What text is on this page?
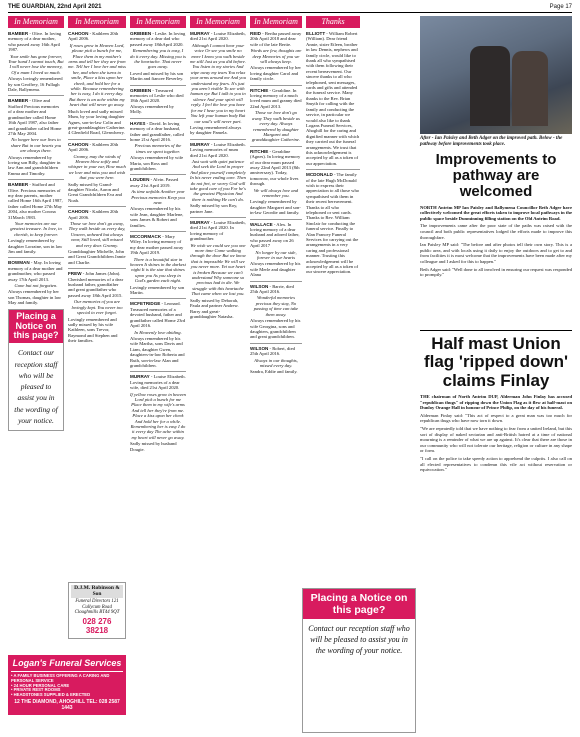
THE GUARDIAN, 22nd April 2021	Page 17
In Memoriam
BAMBER - Olive. In loving memory of a dear mother, who passed away 16th April 1987.
Your smile has gone forever, Your hand I cannot touch, But I will never lose the memory, Of a mum I loved so much.
Always lovingly remembered by son Geoffrey, 16 Fullagh Dale, Ballymena.
BAMBER - Olive and Stafford Precious memories of a dear mother and grandmother called Home 16th April 1987, also father and grandfather called Home 27th May 2004.
No longer here our lives to share But in our hearts you are always there.
Always remembered by loving son Billy, daughter in law Ann and grandchildren Emma and Timothy.
BAMBER - Stafford and Olive. Precious memories of my dear parents, mother called Home 16th April 1987, father called Home 27th May 2004, also mother Corona 31March 1983.
Your memories are our greatest treasure. In love, to cherish, to keep forever.
Lovingly remembered by daughter Lorraine, son in law Jim and family.
BOWMAN - May. In loving memory of a dear mother and grandmother, who passed away 17th April 2013.
Gone but not forgotten.
Always remembered by her son Thomas, daughter in law May and family.
Placing a Notice on this page?
Contact our reception staff who will be pleased to assist you in the wording of your notice.
Logan's Funeral Services
• A FAMILY BUSINESS OFFERING A CARING AND PERSONAL SERVICE
• 24 HOUR PERSONAL CARE
• PRIVATE REST ROOMS
• HEADSTONES SUPPLIED & ERECTED
12 THE DIAMOND, AHOGHILL TEL: 028 2587 1443
In Memoriam
CAHOON - Kathleen 20th April 2006.
If roses grow in Heaven Lord, please pick a bunch for me, Place them in my mother's arms and tell her they are from me. Tell her I love her and miss her, and when she turns to smile, Place a kiss upon her cheek, and hold her for a while. Because remembering her is easy, I do it every day. But there is an ache within my heart that will never go away.
Much loved and sadly missed Mum, by your loving daughter Agnes, son-in-law Colin and great-granddaughter Catherine. 4 Glenfield Road, Glenwherry.
CAHOON - Kathleen 20th April 2006.
Granny, may the winds of Heaven blow softly and whisper in your ear, How much we love and miss you and wish that you were here.
Sadly missed by Grand-daughter Nicola, Aaron and Great Grandchildren Eva and Noah.
CAHOON - Kathleen 20th April 2006.
Those we love don't go away, They walk beside us every day, Unseen, unheard but always near, Still loved, still missed and very dear. Granny.
Granddaughter Michelle, John and Great Grandchildren Jamie and Charlie.
FREW - John James (John). Cherished memories of a dear husband father, grandfather and great grandfather who passed away 18th April 2015.
Our memories of you are lovingly kept. You never too special to ever forget.
Lovingly remembered and sadly missed by his wife Kathleen, sons Trevor, Raymond and Stephen and their families.
D.J.M. Robinson & Son
Funeral Directors 121 Cullycum Road Cloughmills BT44 9QT
028 276 38218
In Memoriam
GRIBBEN - Leslie. In loving memory of a dear dad who passed away 18thApril 2020.
Remembering you is easy, I do it every day. Missing you is the heartache. That never goes away.
Loved and missed by his son Martin and fiancee Beverley.
GRIBBEN - Treasured memories of Leslie who died 18th April 2020.
Always remembered by Molly.
HAYES - David. In loving memory of a dear husband, father and grandfather, called home 21st April 2016.
Precious memories of the times we spent together.
Always remembered by wife Maria, son Ross and grandchildren.
LOUDEN - Alvin. Passed away 21st April 2019.
As time unfolds Another year Precious memories Keep you near.
Always remembered by his wife Jean, daughter Marlene, sons James & Robert and families.
MCCORMACK - Mary Wiley. In loving memory of my dear mother passed away 19th April 2019.
There is a beautiful star in heaven It shines in the darkest night It is the star that shines upon you As you sleep in God's garden each night.
Lovingly remembered by son Martin.
MCFETRIDGE - Leonard. Treasured memories of a devoted husband, father and grandfather called Home 23rd April 2016.
In Heavenly love abiding.
Always remembered by his wife Martha, sons Davis and Liam, daughter Gwen, daughters-in-law Roberta and Ruth, son-in-law Alan and grandchildren.
MURRAY - Louise Elizabeth. Loving memories of a dear wife, died 21st April 2020.
If yellow roses grow in heaven Lord pick a bunch for me Place them in my wife's arms And tell her they're from me. Place a kiss upon her cheek And hold her for a while. Remembering her is easy I do it every day The ache within my heart will never go away.
Sadly missed by husband Dougie.
In Memoriam
MURRAY - Louise Elizabeth, died 21st April 2020.
Although I cannot hear your voice Or see you smile no more I know you walk beside me still Just as you did before. You listen to my stories And wipe away my tears You relax your arms around me And you understand my fears. It's just you aren't visible To see with human eye But I talk to you in silence And your spirit will reply. I feel the love you have for me I hear you in my heart You left your human body But our soul's will never part.
Loving remembered always by daughter Pamela.
MURRAY - Louise Elizabeth. Loving memories of mum died 21st April 2020.
Just wait with quiet patience And seek the Lord in prayer And place yourself completely In his never ending care. Then do not fret, or worry God will take good care of you For he's the greatest Physician And there is nothing He can't do.
Sadly missed by son Roy, partner Jane.
MURRAY - Louise Elizabeth, died 21st April 2020. In loving memory of grandmother.
We wish we could see you one more time Come walking through the door But we know that is impossible We will see you never more. Yet our heart is broken Because we can't understand Why someone so precious had to die. We struggle with this heartache That came when we lost you.
Sadly missed by Deborah, Paula and partner Andrew. Barry and great-granddaughter Natasha.
In Memoriam
REID - Bertha passed away 20th April 2018 and dear wife of the late Bertie.
Words are few, thoughts are deep Memories of you we will always keep.
Always remembered by her loving daughter Carol and family circle.
RITCHIE - Geraldine. In loving memory of a much loved mum and granny died 22nd April 2013.
Those we love don't go away They walk beside us every day. Always remembered by daughter Margaret and granddaughter Catherine.
RITCHIE - Geraldine (Agnes). In loving memory of our dear mum passed away 22nd April 2013 (8th anniversary). Today, tomorrow, our whole lives through.
We will always love and remember you.
Lovingly remembered by daughter Margaret and son-in-law Geordie and family.
WALLACE - Alex. In loving memory of a dear husband and adored father, who passed away on 26 April 2017
No longer by our side, forever in our hearts
Always remembered by his wife Merle and daughter Alana
WILSON - Barrie, died 25th April 2016.
Wonderful memories precious they stay, No passing of time can take them away.
Always remembered by his wife Georgina, sons and daughters, grandchildren and great grandchildren.
WILSON - Robert, died 25th April 2016.
Always in our thoughts, missed every day.
Sandra, Eddie and family.
Thanks
ELLIOTT - William Robert (William). Dear friend Annie, sister Eileen, brother in law Dennis, nephews and family circle, would like to thank all who sympathised with them following their recent bereavement. Our sincere thanks to all who telephoned, sent messages, cards and gifts and attended the funeral service. Many thanks to the Rev. Brian Smyth for calling with the family and conducting the service, in particular we would also like to thank Logans Funeral Services, Ahoghill for the caring and dignified manner with which they carried out the funeral arrangements. We trust that this acknowledgement is accepted by all as a token of our appreciation.
MCDONALD - The family of the late Hugh McDonald wish to express their appreciation to all those who sympathised with them in their recent bereavement. Thanks to all who telephoned or sent cards. Thanks to Rev. William Sinclair for conducting the funeral service. Finally to Alan Francey Funeral Services for carrying out the arrangements in a very caring and professional manner. Trusting this acknowledgement will be accepted by all as a token of our sincere appreciation.
Placing a Notice on this page?
Contact our reception staff who will be pleased to assist you in the wording of your notice.
After - Ian Paisley and Beth Adger on the improved path. Below - the pathway before improvements took place.
Improvements to pathway are welcomed

NORTH Antrim MP Ian Paisley and Ballymena Councillor Beth Adger have collectively welcomed the great efforts taken to improve local pathways in the public space beside Dunminning filling station on the Old Antrim Road.

The improvements came after the poor state of the paths was raised with the council and both public representatives lodged the efforts made to improve this thoroughfare.

Ian Paisley MP said: "The before and after photos tell their own story. This is a public area, and with locals using it daily to enjoy the outdoors and to get to and from facilities it is most welcome that the improvements have been made after my colleague and I asked for this to happen."

Beth Adger said: "Well done to all involved in ensuring our request was responded to promptly."

Half mast Union flag 'ripped down' claims Finlay

THE chairman of North Antrim DUP, Alderman John Finlay has accused "republican thugs" of ripping down the Union Flag as it flew at half-mast on Dunloy Orange Hall in honour of Prince Philip, on the day of his funeral.

Alderman Finlay said: "This act of respect to a great man was too much for republican thugs who have now torn it down.

"We are repeatedly told that we have nothing to fear from a united Ireland, but this sort of display of naked sectarian and anti-British hatred at a time of national mourning is a reminder of what we are up against. It's clear that there are those in our community who will not tolerate our heritage, religion or culture in any shape or form.

"I call on the police to take speedy action to apprehend the culprits. I also call on all elected representatives to condemn this vile act without reservation or equivocation."
